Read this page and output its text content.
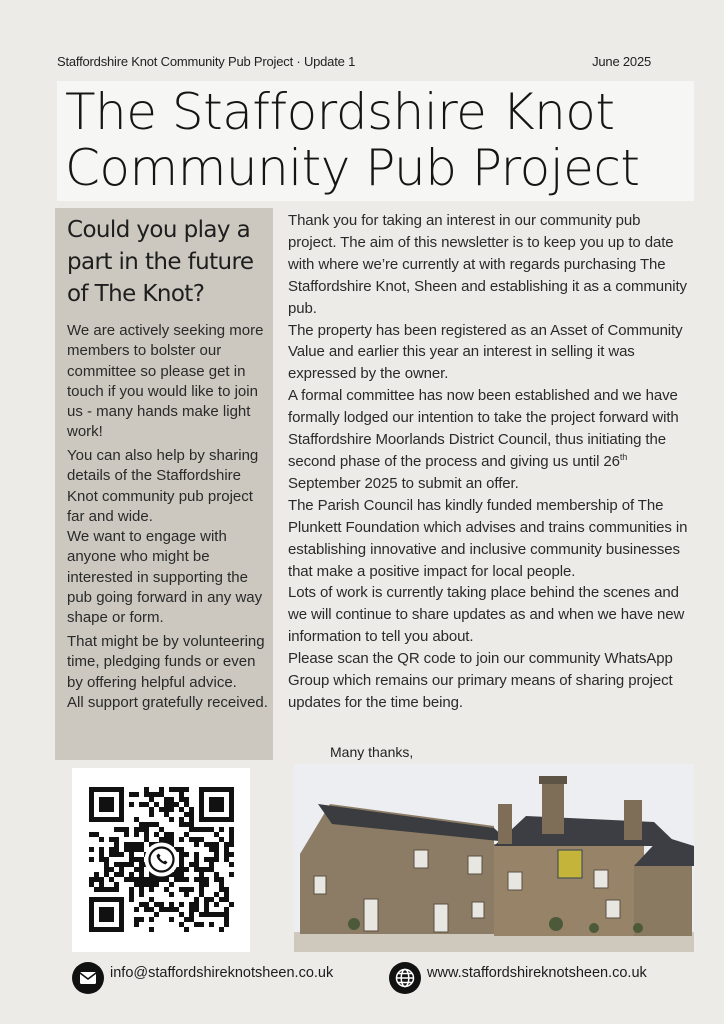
Staffordshire Knot Community Pub Project · Update 1	June 2025
The Staffordshire Knot
Community Pub Project
Could you play a part in the future of The Knot?
We are actively seeking more members to bolster our committee so please get in touch if you would like to join us - many hands make light work!
You can also help by sharing details of the Staffordshire Knot community pub project far and wide.
We want to engage with anyone who might be interested in supporting the pub going forward in any way shape or form.
That might be by volunteering time, pledging funds or even by offering helpful advice.
All support gratefully received.

Thank you for taking an interest in our community pub project. The aim of this newsletter is to keep you up to date with where we’re currently at with regards purchasing The Staffordshire Knot, Sheen and establishing it as a community pub.

The property has been registered as an Asset of Community Value and earlier this year an interest in selling it was expressed by the owner.

A formal committee has now been established and we have formally lodged our intention to take the project forward with Staffordshire Moorlands District Council, thus initiating the second phase of the process and giving us until 26th September 2025 to submit an offer.

The Parish Council has kindly funded membership of The Plunkett Foundation which advises and trains communities in establishing innovative and inclusive community businesses that make a positive impact for local people.

Lots of work is currently taking place behind the scenes and we will continue to share updates as and when we have new information to tell you about.

Please scan the QR code to join our community WhatsApp Group which remains our primary means of sharing project updates for the time being.

Many thanks,
info@staffordshireknotsheen.co.uk	www.staffordshireknotsheen.co.uk
